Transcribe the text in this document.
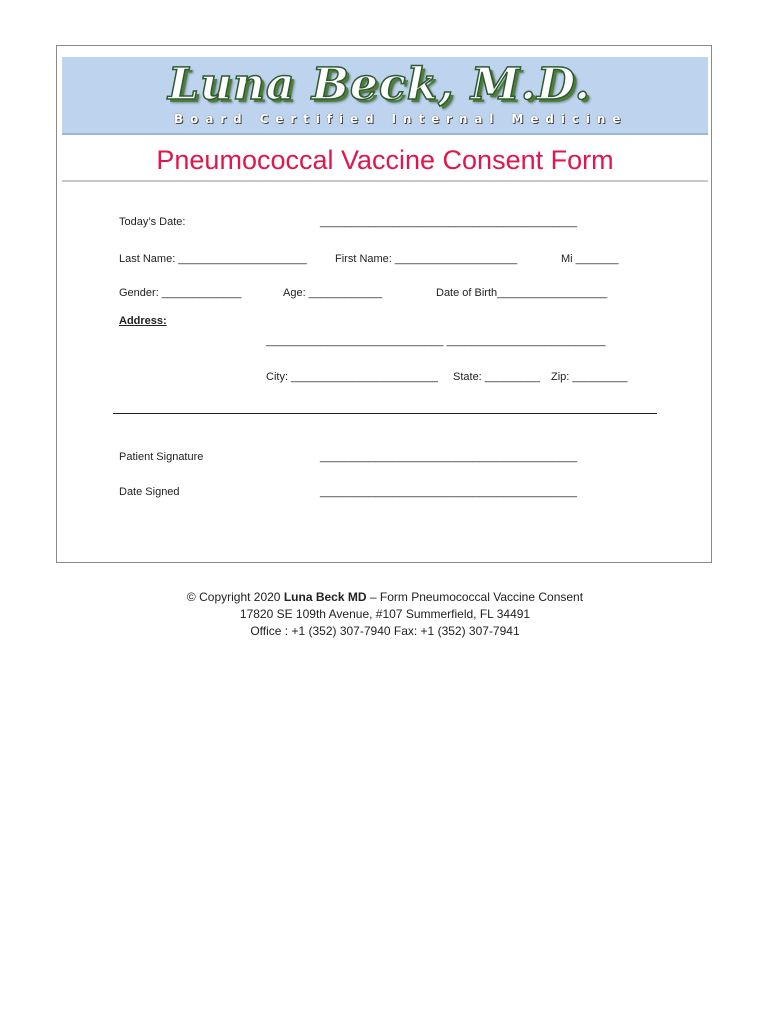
Luna Beck, M.D.

Board Certified Internal Medicine

Pneumococcal Vaccine Consent Form
Today’s Date:	__________________________________________
Last Name: _____________________	First Name: ____________________	Mi _______
Gender: _____________	Age: ____________	Date of Birth__________________
Address:
_____________________________ __________________________
City: ________________________ State: _________ Zip: _________
Patient Signature	__________________________________________
Date Signed	__________________________________________
© Copyright 2020 Luna Beck MD – Form Pneumococcal Vaccine Consent
17820 SE 109th Avenue, #107 Summerfield, FL 34491
Office : +1 (352) 307-7940 Fax: +1 (352) 307-7941
